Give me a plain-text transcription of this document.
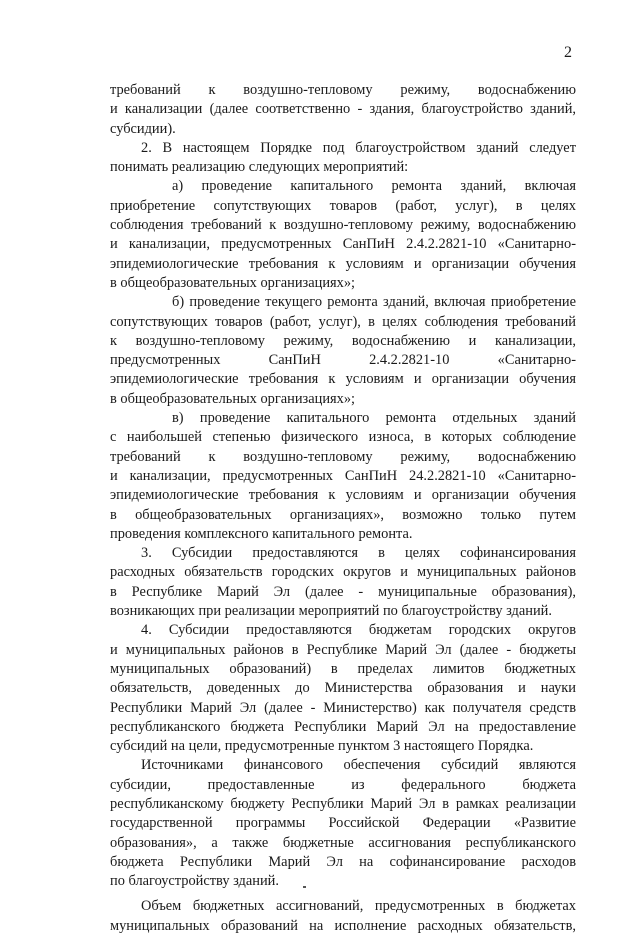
2

требований к воздушно-тепловому режиму, водоснабжению
и канализации (далее соответственно - здания, благоустройство зданий,
субсидии).

2. В настоящем Порядке под благоустройством зданий следует
понимать реализацию следующих мероприятий:

а) проведение капитального ремонта зданий, включая
приобретение сопутствующих товаров (работ, услуг), в целях
соблюдения требований к воздушно-тепловому режиму, водоснабжению
и канализации, предусмотренных СанПиН 2.4.2.2821-10 «Санитарно-
эпидемиологические требования к условиям и организации обучения
в общеобразовательных организациях»;

б) проведение текущего ремонта зданий, включая приобретение
сопутствующих товаров (работ, услуг), в целях соблюдения требований
к воздушно-тепловому режиму, водоснабжению и канализации,
предусмотренных СанПиН 2.4.2.2821-10 «Санитарно-
эпидемиологические требования к условиям и организации обучения
в общеобразовательных организациях»;

в) проведение капитального ремонта отдельных зданий
с наибольшей степенью физического износа, в которых соблюдение
требований к воздушно-тепловому режиму, водоснабжению
и канализации, предусмотренных СанПиН 24.2.2821-10 «Санитарно-
эпидемиологические требования к условиям и организации обучения
в общеобразовательных организациях», возможно только путем
проведения комплексного капитального ремонта.

3. Субсидии предоставляются в целях софинансирования
расходных обязательств городских округов и муниципальных районов
в Республике Марий Эл (далее - муниципальные образования),
возникающих при реализации мероприятий по благоустройству зданий.

4. Субсидии предоставляются бюджетам городских округов
и муниципальных районов в Республике Марий Эл (далее - бюджеты
муниципальных образований) в пределах лимитов бюджетных
обязательств, доведенных до Министерства образования и науки
Республики Марий Эл (далее - Министерство) как получателя средств
республиканского бюджета Республики Марий Эл на предоставление
субсидий на цели, предусмотренные пунктом 3 настоящего Порядка.

Источниками финансового обеспечения субсидий являются
субсидии, предоставленные из федерального бюджета
республиканскому бюджету Республики Марий Эл в рамках реализации
государственной программы Российской Федерации «Развитие
образования», а также бюджетные ассигнования республиканского
бюджета Республики Марий Эл на софинансирование расходов
по благоустройству зданий.

Объем бюджетных ассигнований, предусмотренных в бюджетах
муниципальных образований на исполнение расходных обязательств,
